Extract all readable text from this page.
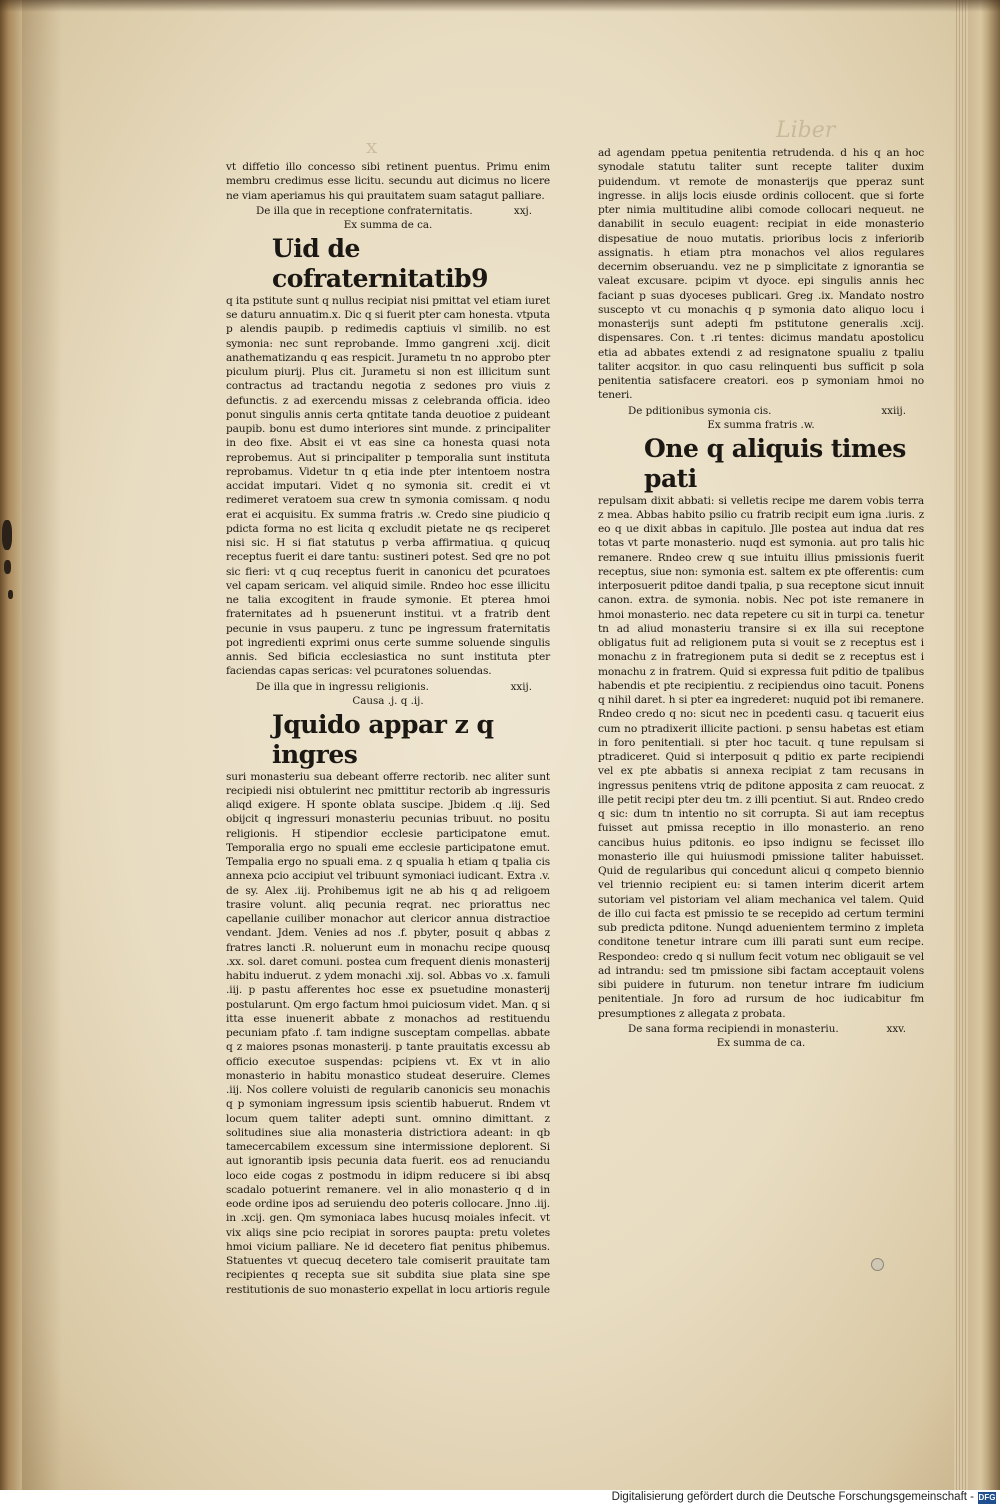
Liber
x

vt diffetio illo concesso sibi retinent puentus. Primu enim membru credimus esse licitu. secundu aut dicimus no licere ne viam aperiamus his qui prauitatem suam satagut palliare.

De illa que in receptione confraternitatis.	xxj.
Ex summa de ca.
Uid de cofraternitatib9

q ita pstitute sunt q nullus recipiat nisi pmittat vel etiam iuret se daturu annuatim.x. Dic q si fuerit pter cam honesta. vtputa p alendis paupib. p redimedis captiuis vl similib. no est symonia: nec sunt reprobande. Immo gangreni .xcij. dicit anathematizandu q eas respicit. Jurametu tn no approbo pter piculum piurij. Plus cit. Jurametu si non est illicitum sunt contractus ad tractandu negotia z sedones pro viuis z defunctis. z ad exercendu missas z celebranda officia. ideo ponut singulis annis certa qntitate tanda deuotioe z puideant paupib. bonu est dumo interiores sint munde. z principaliter in deo fixe. Absit ei vt eas sine ca honesta quasi nota reprobemus. Aut si principaliter p temporalia sunt instituta reprobamus. Videtur tn q etia inde pter intentoem nostra accidat imputari. Videt q no symonia sit. credit ei vt redimeret veratoem sua crew tn symonia comissam. q nodu erat ei acquisitu. Ex summa fratris .w. Credo sine piudicio q pdicta forma no est licita q excludit pietate ne qs reciperet nisi sic. H si fiat statutus p verba affirmatiua. q quicuq receptus fuerit ei dare tantu: sustineri potest. Sed qre no pot sic fieri: vt q cuq receptus fuerit in canonicu det pcuratoes vel capam sericam. vel aliquid simile. Rndeo hoc esse illicitu ne talia excogitent in fraude symonie. Et pterea hmoi fraternitates ad h psuenerunt institui. vt a fratrib dent pecunie in vsus pauperu. z tunc pe ingressum fraternitatis pot ingredienti exprimi onus certe summe soluende singulis annis. Sed bificia ecclesiastica no sunt instituta pter faciendas capas sericas: vel pcuratones soluendas.

De illa que in ingressu religionis.	xxij.
Causa .j. q .ij.
Jquido appar z q ingres

suri monasteriu sua debeant offerre rectorib. nec aliter sunt recipiedi nisi obtulerint nec pmittitur rectorib ab ingressuris aliqd exigere. H sponte oblata suscipe. Jbidem .q .iij. Sed obijcit q ingressuri monasteriu pecunias tribuut. no positu religionis. H stipendior ecclesie participatone emut. Temporalia ergo no spuali eme ecclesie participatone emut. Tempalia ergo no spuali ema. z q spualia h etiam q tpalia cis annexa pcio accipiut vel tribuunt symoniaci iudicant. Extra .v. de sy. Alex .iij. Prohibemus igit ne ab his q ad religoem trasire volunt. aliq pecunia reqrat. nec priorattus nec capellanie cuiliber monachor aut clericor annua distractioe vendant. Jdem. Venies ad nos .f. pbyter, posuit q abbas z fratres lancti .R. noluerunt eum in monachu recipe quousq .xx. sol. daret comuni. postea cum frequent dienis monasterij habitu induerut. z ydem monachi .xij. sol. Abbas vo .x. famuli .iij. p pastu afferentes hoc esse ex psuetudine monasterij postularunt. Qm ergo factum hmoi puiciosum videt. Man. q si itta esse inuenerit abbate z monachos ad restituendu pecuniam pfato .f. tam indigne susceptam compellas. abbate q z maiores psonas monasterij. p tante prauitatis excessu ab officio executoe suspendas: pcipiens vt. Ex vt in alio monasterio in habitu monastico studeat deseruire. Clemes .iij. Nos collere voluisti de regularib canonicis seu monachis q p symoniam ingressum ipsis scientib habuerut. Rndem vt locum quem taliter adepti sunt. omnino dimittant. z solitudines siue alia monasteria districtiora adeant: in qb tamecercabilem excessum sine intermissione deplorent. Si aut ignorantib ipsis pecunia data fuerit. eos ad renuciandu loco eide cogas z postmodu in idipm reducere si ibi absq scadalo potuerint remanere. vel in alio monasterio q d in eode ordine ipos ad seruiendu deo poteris collocare. Jnno .iij. in .xcij. gen. Qm symoniaca labes hucusq moiales infecit. vt vix aliqs sine pcio recipiat in sorores paupta: pretu voletes hmoi vicium palliare. Ne id decetero fiat penitus phibemus. Statuentes vt quecuq decetero tale comiserit prauitate tam recipientes q recepta sue sit subdita siue plata sine spe restitutionis de suo monasterio expellat in locu artioris regule

ad agendam ppetua penitentia retrudenda. d his q an hoc synodale statutu taliter sunt recepte taliter duxim puidendum. vt remote de monasterijs que pperaz sunt ingresse. in alijs locis eiusde ordinis collocent. que si forte pter nimia multitudine alibi comode collocari nequeut. ne danabilit in seculo euagent: recipiat in eide monasterio dispesatiue de nouo mutatis. prioribus locis z inferiorib assignatis. h etiam ptra monachos vel alios regulares decernim obseruandu. vez ne p simplicitate z ignorantia se valeat excusare. pcipim vt dyoce. epi singulis annis hec faciant p suas dyoceses publicari. Greg .ix. Mandato nostro suscepto vt cu monachis q p symonia dato aliquo locu i monasterijs sunt adepti fm pstitutone generalis .xcij. dispensares. Con. t .ri tentes: dicimus mandatu apostolicu etia ad abbates extendi z ad resignatone spualiu z tpaliu taliter acqsitor. in quo casu relinquenti bus sufficit p sola penitentia satisfacere creatori. eos p symoniam hmoi no teneri.

De pditionibus symonia cis.	xxiij.
Ex summa fratris .w.
One q aliquis times pati

repulsam dixit abbati: si velletis recipe me darem vobis terra z mea. Abbas habito psilio cu fratrib recipit eum igna .iuris. z eo q ue dixit abbas in capitulo. Jlle postea aut indua dat res totas vt parte monasterio. nuqd est symonia. aut pro talis hic remanere. Rndeo crew q sue intuitu illius pmissionis fuerit receptus, siue non: symonia est. saltem ex pte offerentis: cum interposuerit pditoe dandi tpalia, p sua receptone sicut innuit canon. extra. de symonia. nobis. Nec pot iste remanere in hmoi monasterio. nec data repetere cu sit in turpi ca. tenetur tn ad aliud monasteriu transire si ex illa sui receptone obligatus fuit ad religionem puta si vouit se z receptus est i monachu z in fratregionem puta si dedit se z receptus est i monachu z in fratrem. Quid si expressa fuit pditio de tpalibus habendis et pte recipientiu. z recipiendus oino tacuit. Ponens q nihil daret. h si pter ea ingrederet: nuquid pot ibi remanere. Rndeo credo q no: sicut nec in pcedenti casu. q tacuerit eius cum no ptradixerit illicite pactioni. p sensu habetas est etiam in foro penitentiali. si pter hoc tacuit. q tune repulsam si ptradiceret. Quid si interposuit q pditio ex parte recipiendi vel ex pte abbatis si annexa recipiat z tam recusans in ingressus penitens vtriq de pditone apposita z cam reuocat. z ille petit recipi pter deu tm. z illi pcentiut. Si aut. Rndeo credo q sic: dum tn intentio no sit corrupta. Si aut iam receptus fuisset aut pmissa receptio in illo monasterio. an reno cancibus huius pditonis. eo ipso indignu se fecisset illo monasterio ille qui huiusmodi pmissione taliter habuisset. Quid de regularibus qui concedunt alicui q competo biennio vel triennio recipient eu: si tamen interim dicerit artem sutoriam vel pistoriam vel aliam mechanica vel talem. Quid de illo cui facta est pmissio te se recepido ad certum termini sub predicta pditone. Nunqd aduenientem termino z impleta conditone tenetur intrare cum illi parati sunt eum recipe. Respondeo: credo q si nullum fecit votum nec obligauit se vel ad intrandu: sed tm pmissione sibi factam acceptauit volens sibi puidere in futurum. non tenetur intrare fm iudicium penitentiale. Jn foro ad rursum de hoc iudicabitur fm presumptiones z allegata z probata.

De sana forma recipiendi in monasteriu.	xxv.
Ex summa de ca.
Digitalisierung gefördert durch die Deutsche Forschungsgemeinschaft - DFG
